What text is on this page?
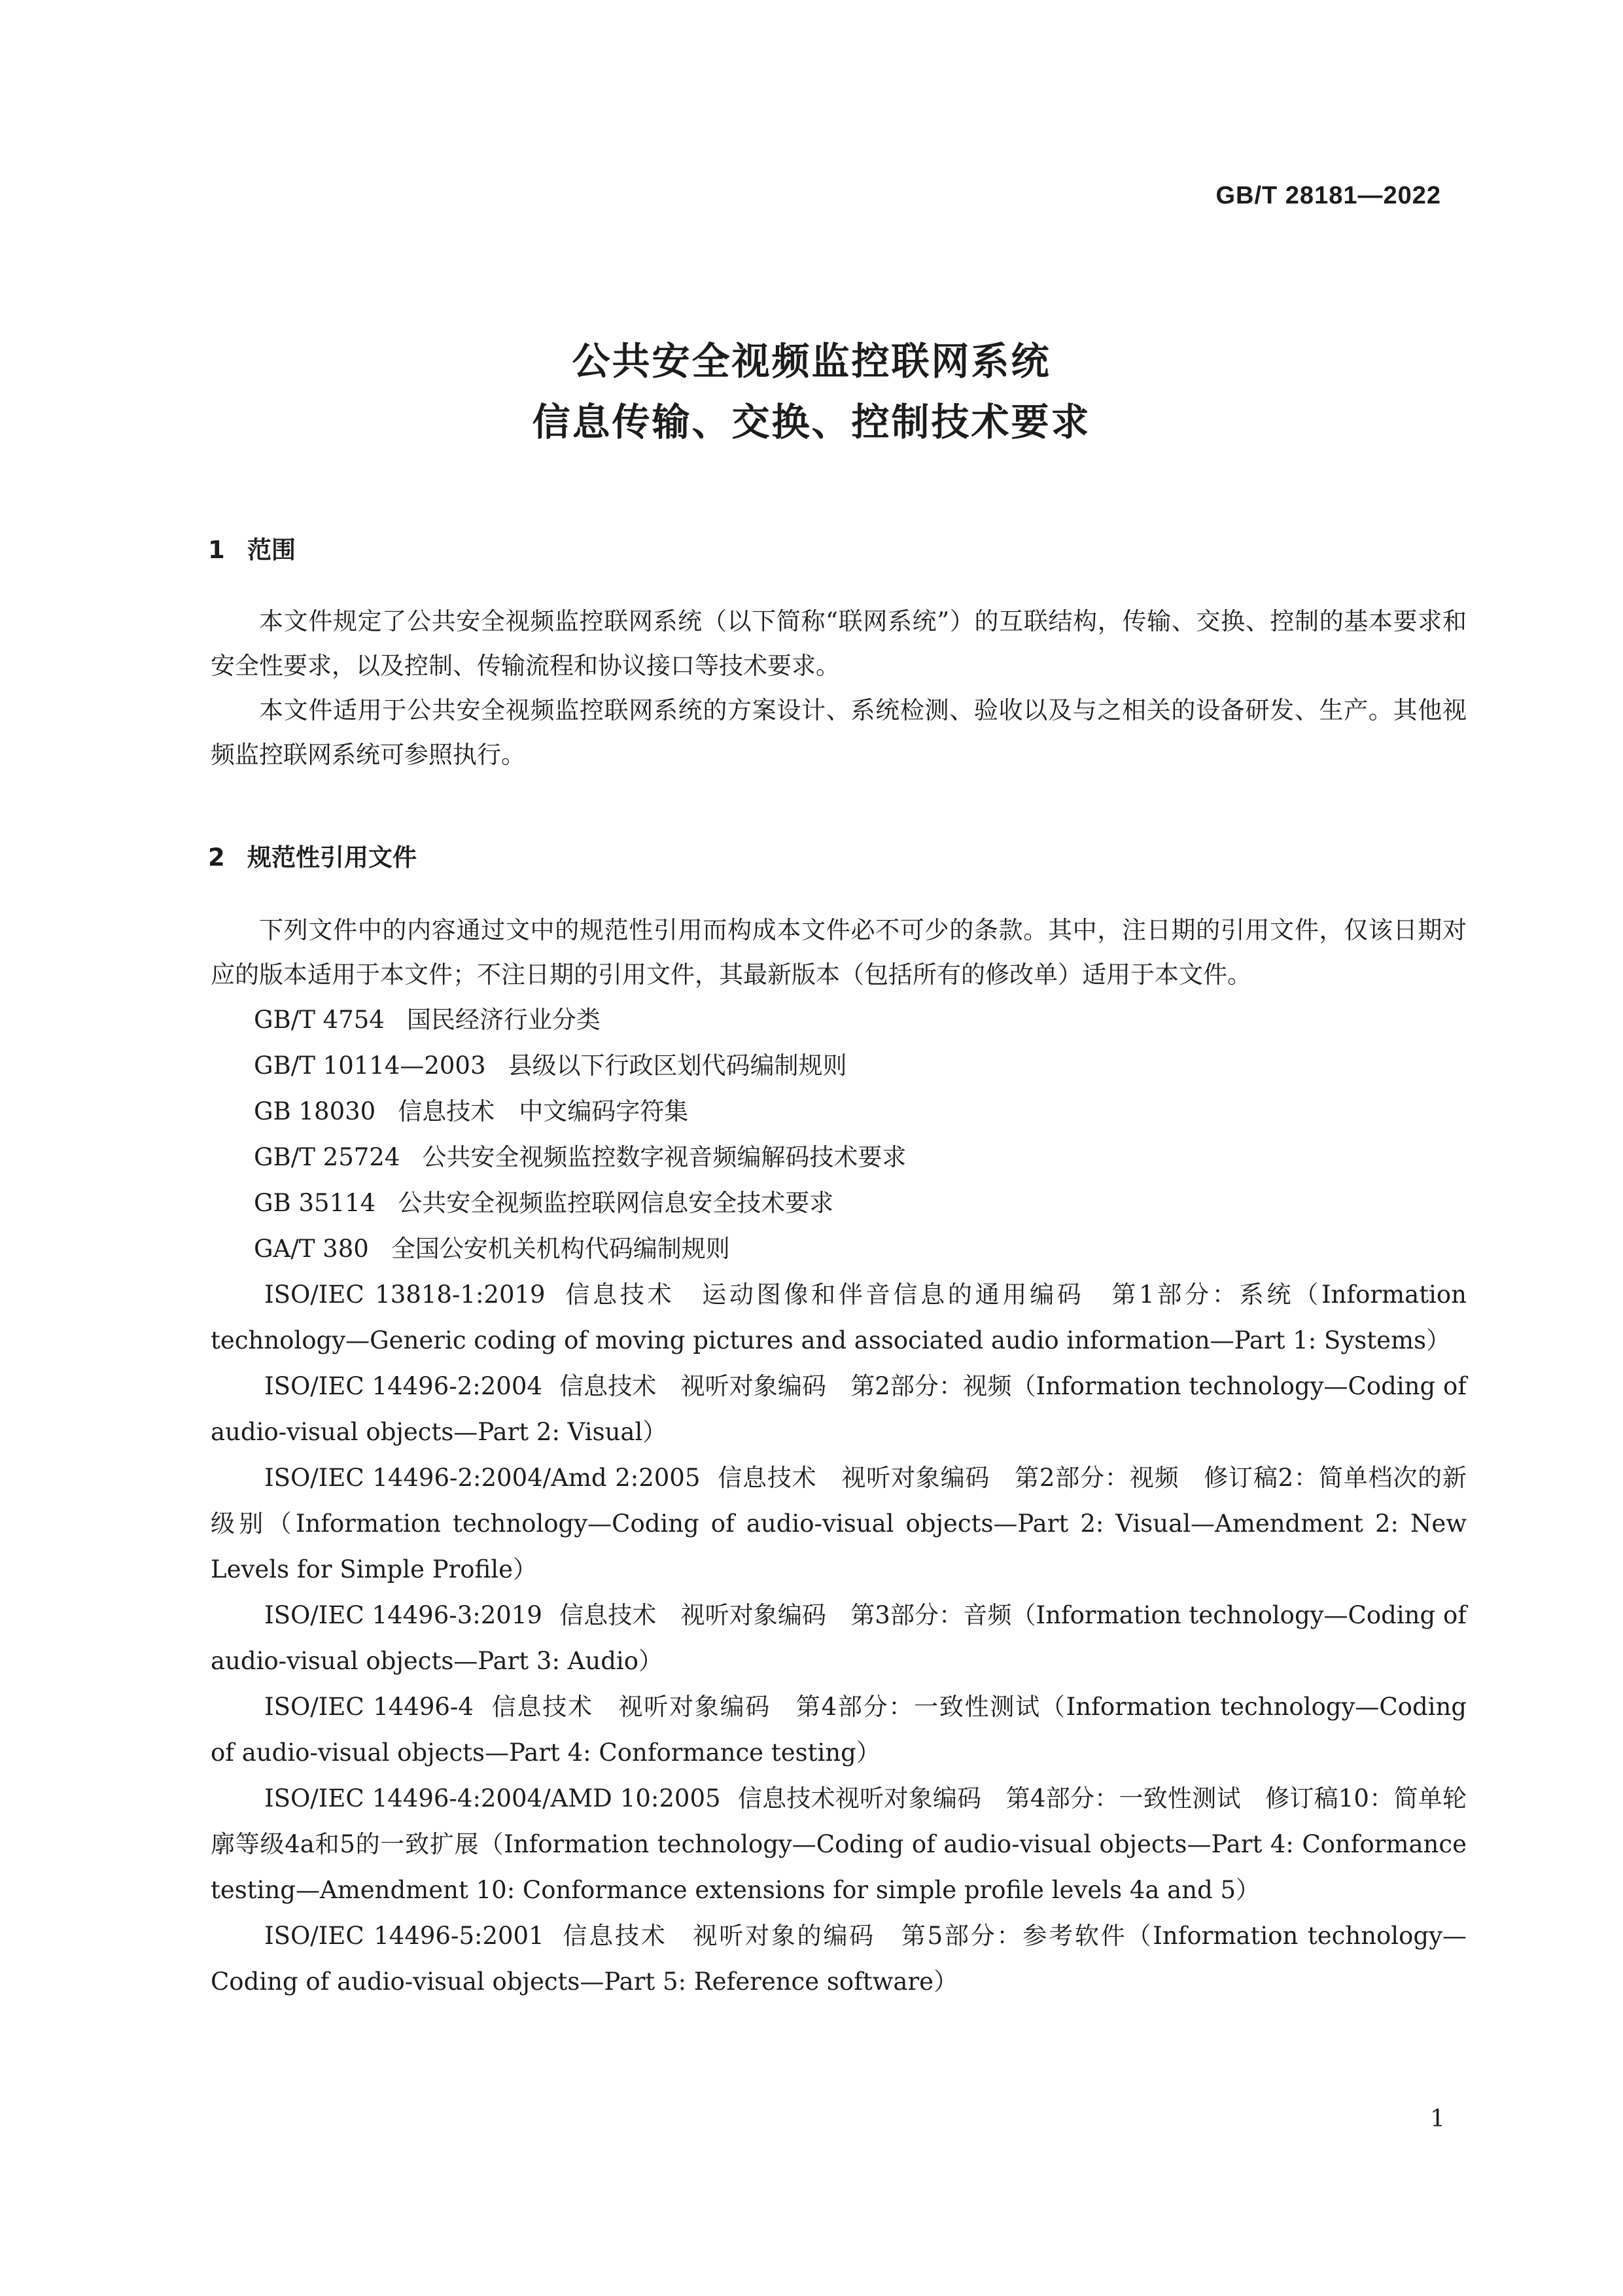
GB/T 28181—2022
公共安全视频监控联网系统
信息传输、交换、控制技术要求
1 范围

本文件规定了公共安全视频监控联网系统（以下简称“联网系统”）的互联结构，传输、交换、控制的基本要求和安全性要求，以及控制、传输流程和协议接口等技术要求。

本文件适用于公共安全视频监控联网系统的方案设计、系统检测、验收以及与之相关的设备研发、生产。其他视频监控联网系统可参照执行。

2 规范性引用文件

下列文件中的内容通过文中的规范性引用而构成本文件必不可少的条款。其中，注日期的引用文件，仅该日期对应的版本适用于本文件；不注日期的引用文件，其最新版本（包括所有的修改单）适用于本文件。

GB/T 4754 国民经济行业分类
GB/T 10114—2003 县级以下行政区划代码编制规则
GB 18030 信息技术　中文编码字符集
GB/T 25724 公共安全视频监控数字视音频编解码技术要求
GB 35114 公共安全视频监控联网信息安全技术要求
GA/T 380 全国公安机关机构代码编制规则
ISO/IEC 13818-1:2019 信息技术　运动图像和伴音信息的通用编码　第1部分：系统（Information technology—Generic coding of moving pictures and associated audio information—Part 1: Systems）
ISO/IEC 14496-2:2004 信息技术　视听对象编码　第2部分：视频（Information technology—Coding of audio-visual objects—Part 2: Visual）
ISO/IEC 14496-2:2004/Amd 2:2005 信息技术　视听对象编码　第2部分：视频　修订稿2：简单档次的新级别（Information technology—Coding of audio-visual objects—Part 2: Visual—Amendment 2: New Levels for Simple Profile）
ISO/IEC 14496-3:2019 信息技术　视听对象编码　第3部分：音频（Information technology—Coding of audio-visual objects—Part 3: Audio）
ISO/IEC 14496-4 信息技术　视听对象编码　第4部分：一致性测试（Information technology—Coding of audio-visual objects—Part 4: Conformance testing）
ISO/IEC 14496-4:2004/AMD 10:2005 信息技术视听对象编码　第4部分：一致性测试　修订稿10：简单轮廓等级4a和5的一致扩展（Information technology—Coding of audio-visual objects—Part 4: Conformance testing—Amendment 10: Conformance extensions for simple profile levels 4a and 5）
ISO/IEC 14496-5:2001 信息技术　视听对象的编码　第5部分：参考软件（Information technology—Coding of audio-visual objects—Part 5: Reference software）
1
